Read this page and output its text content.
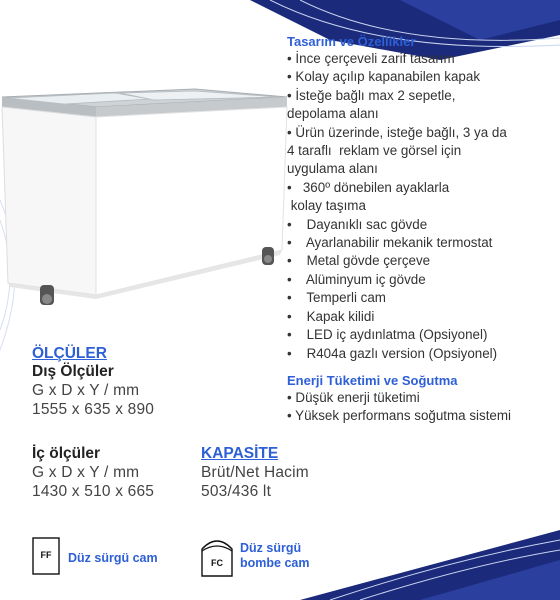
Tasarım ve Özellikler
• İnce çerçeveli zarif tasarım
• Kolay açılıp kapanabilen kapak
• İsteğe bağlı max 2 sepetle,
depolama alanı
• Ürün üzerinde, isteğe bağlı, 3 ya da
4 taraflı  reklam ve görsel için
uygulama alanı
•   360º dönebilen ayaklarla
kolay taşıma
•    Dayanıklı sac gövde
•    Ayarlanabilir mekanik termostat
•    Metal gövde çerçeve
•    Alüminyum iç gövde
•    Temperli cam
•    Kapak kilidi
•    LED iç aydınlatma (Opsiyonel)
•    R404a gazlı version (Opsiyonel)
Enerji Tüketimi ve Soğutma
• Düşük enerji tüketimi
• Yüksek performans soğutma sistemi
ÖLÇÜLER
Dış Ölçüler
G x D x Y / mm
1555 x 635 x 890
İç ölçüler
G x D x Y / mm
1430 x 510 x 665
KAPASİTE
Brüt/Net Hacim
503/436 lt
FF	Düz sürgü cam	FC
Düz sürgü
bombe cam
